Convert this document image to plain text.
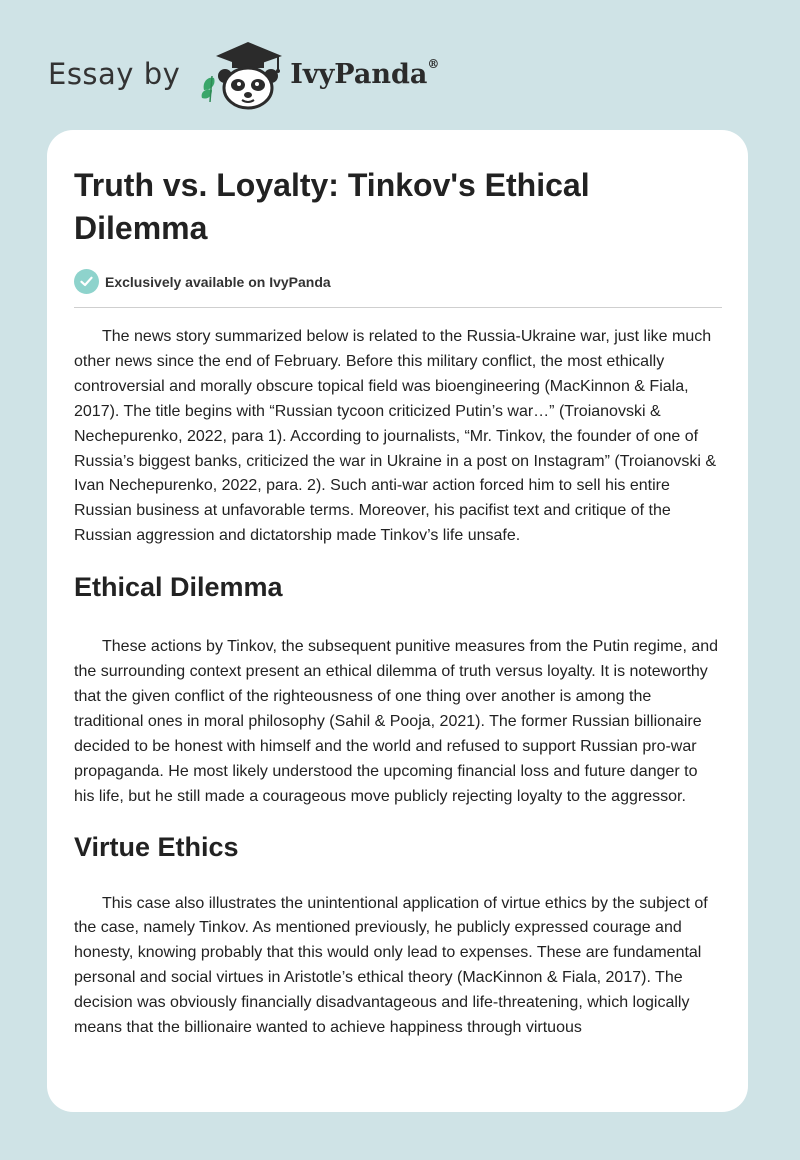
Essay by	IvyPanda®
Truth vs. Loyalty: Tinkov's Ethical Dilemma
Exclusively available on IvyPanda

The news story summarized below is related to the Russia-Ukraine war, just like much other news since the end of February. Before this military conflict, the most ethically controversial and morally obscure topical field was bioengineering (MacKinnon & Fiala, 2017). The title begins with “Russian tycoon criticized Putin’s war…” (Troianovski & Nechepurenko, 2022, para 1). According to journalists, “Mr. Tinkov, the founder of one of Russia’s biggest banks, criticized the war in Ukraine in a post on Instagram” (Troianovski & Ivan Nechepurenko, 2022, para. 2). Such anti-war action forced him to sell his entire Russian business at unfavorable terms. Moreover, his pacifist text and critique of the Russian aggression and dictatorship made Tinkov’s life unsafe.

Ethical Dilemma

These actions by Tinkov, the subsequent punitive measures from the Putin regime, and the surrounding context present an ethical dilemma of truth versus loyalty. It is noteworthy that the given conflict of the righteousness of one thing over another is among the traditional ones in moral philosophy (Sahil & Pooja, 2021). The former Russian billionaire decided to be honest with himself and the world and refused to support Russian pro-war propaganda. He most likely understood the upcoming financial loss and future danger to his life, but he still made a courageous move publicly rejecting loyalty to the aggressor.

Virtue Ethics

This case also illustrates the unintentional application of virtue ethics by the subject of the case, namely Tinkov. As mentioned previously, he publicly expressed courage and honesty, knowing probably that this would only lead to expenses. These are fundamental personal and social virtues in Aristotle’s ethical theory (MacKinnon & Fiala, 2017). The decision was obviously financially disadvantageous and life-threatening, which logically means that the billionaire wanted to achieve happiness through virtuous
